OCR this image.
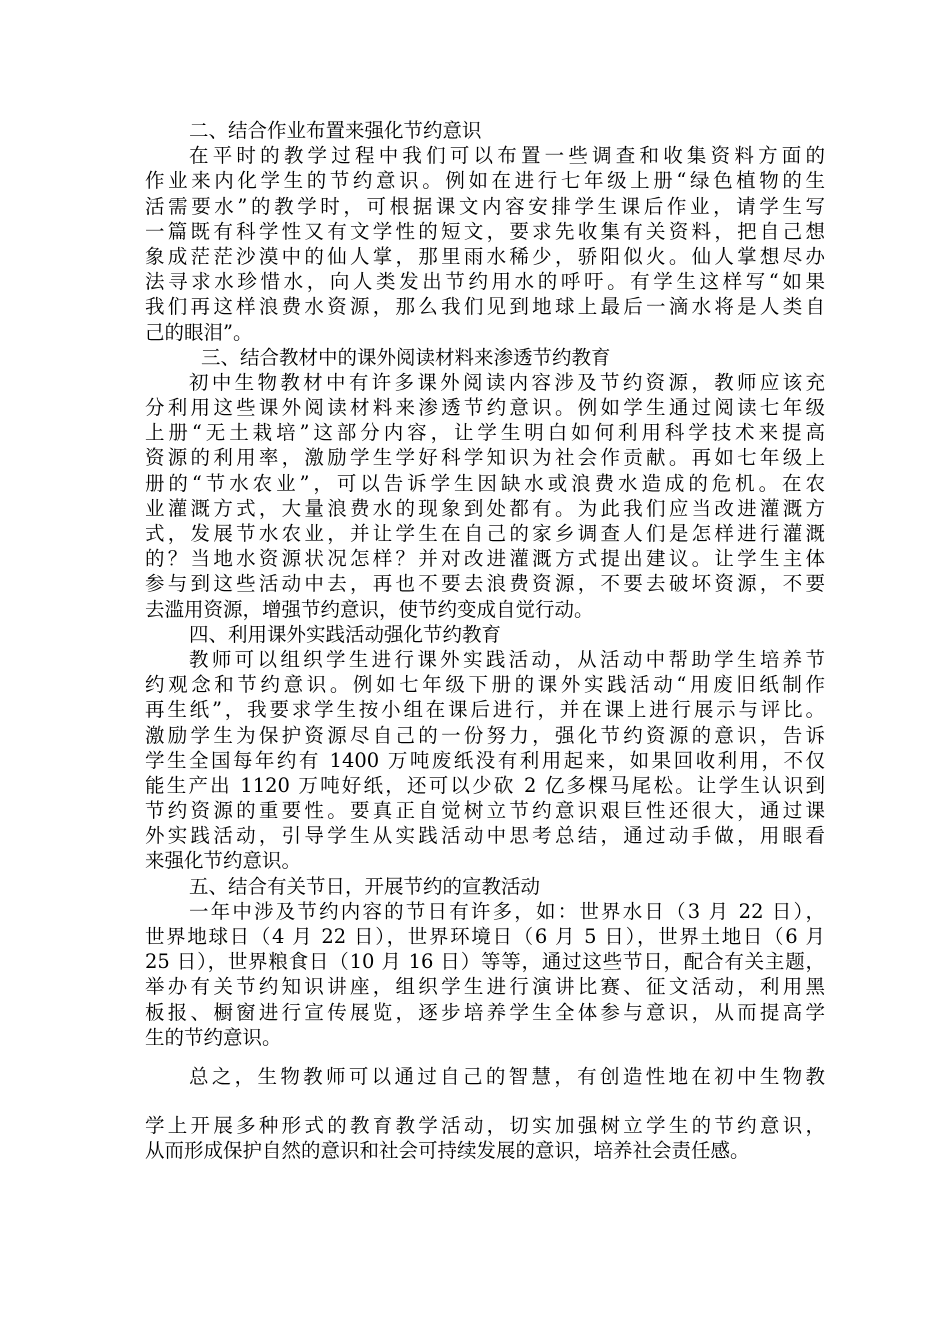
二、结合作业布置来强化节约意识
在平时的教学过程中我们可以布置一些调查和收集资料方面的
作业来内化学生的节约意识。例如在进行七年级上册“绿色植物的生
活需要水”的教学时，可根据课文内容安排学生课后作业，请学生写
一篇既有科学性又有文学性的短文，要求先收集有关资料，把自己想
象成茫茫沙漠中的仙人掌，那里雨水稀少，骄阳似火。仙人掌想尽办
法寻求水珍惜水，向人类发出节约用水的呼吁。有学生这样写“如果
我们再这样浪费水资源，那么我们见到地球上最后一滴水将是人类自
己的眼泪”。
三、结合教材中的课外阅读材料来渗透节约教育
初中生物教材中有许多课外阅读内容涉及节约资源，教师应该充
分利用这些课外阅读材料来渗透节约意识。例如学生通过阅读七年级
上册“无土栽培”这部分内容，让学生明白如何利用科学技术来提高
资源的利用率，激励学生学好科学知识为社会作贡献。再如七年级上
册的“节水农业”，可以告诉学生因缺水或浪费水造成的危机。在农
业灌溉方式，大量浪费水的现象到处都有。为此我们应当改进灌溉方
式，发展节水农业，并让学生在自己的家乡调查人们是怎样进行灌溉
的？当地水资源状况怎样？并对改进灌溉方式提出建议。让学生主体
参与到这些活动中去，再也不要去浪费资源，不要去破坏资源，不要
去滥用资源，增强节约意识，使节约变成自觉行动。
四、利用课外实践活动强化节约教育
教师可以组织学生进行课外实践活动，从活动中帮助学生培养节
约观念和节约意识。例如七年级下册的课外实践活动“用废旧纸制作
再生纸”，我要求学生按小组在课后进行，并在课上进行展示与评比。
激励学生为保护资源尽自己的一份努力，强化节约资源的意识，告诉
学生全国每年约有 1400 万吨废纸没有利用起来，如果回收利用，不仅
能生产出 1120 万吨好纸，还可以少砍 2 亿多棵马尾松。让学生认识到
节约资源的重要性。要真正自觉树立节约意识艰巨性还很大，通过课
外实践活动，引导学生从实践活动中思考总结，通过动手做，用眼看
来强化节约意识。
五、结合有关节日，开展节约的宣教活动
一年中涉及节约内容的节日有许多，如：世界水日（3 月 22 日），
世界地球日（4 月 22 日），世界环境日（6 月 5 日），世界土地日（6 月
25 日），世界粮食日（10 月 16 日）等等，通过这些节日，配合有关主题，
举办有关节约知识讲座，组织学生进行演讲比赛、征文活动，利用黑
板报、橱窗进行宣传展览，逐步培养学生全体参与意识，从而提高学
生的节约意识。
总之，生物教师可以通过自己的智慧，有创造性地在初中生物教
学上开展多种形式的教育教学活动，切实加强树立学生的节约意识，
从而形成保护自然的意识和社会可持续发展的意识，培养社会责任感。
